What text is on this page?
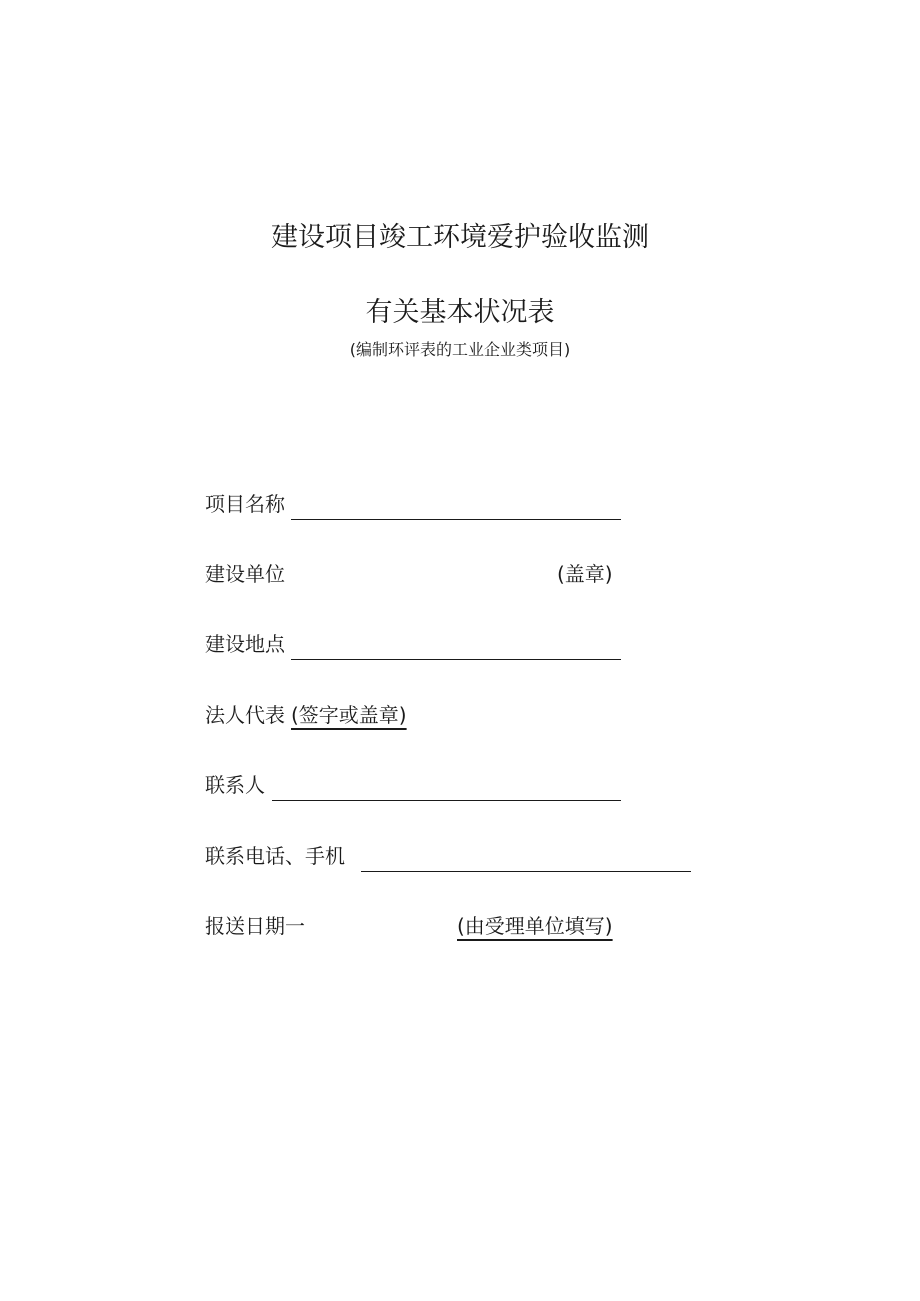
建设项目竣工环境爱护验收监测
有关基本状况表
(编制环评表的工业企业类项目)
项目名称
建设单位	(盖章)
建设地点
法人代表 (签字或盖章)
联系人
联系电话、手机
报送日期一	(由受理单位填写)
